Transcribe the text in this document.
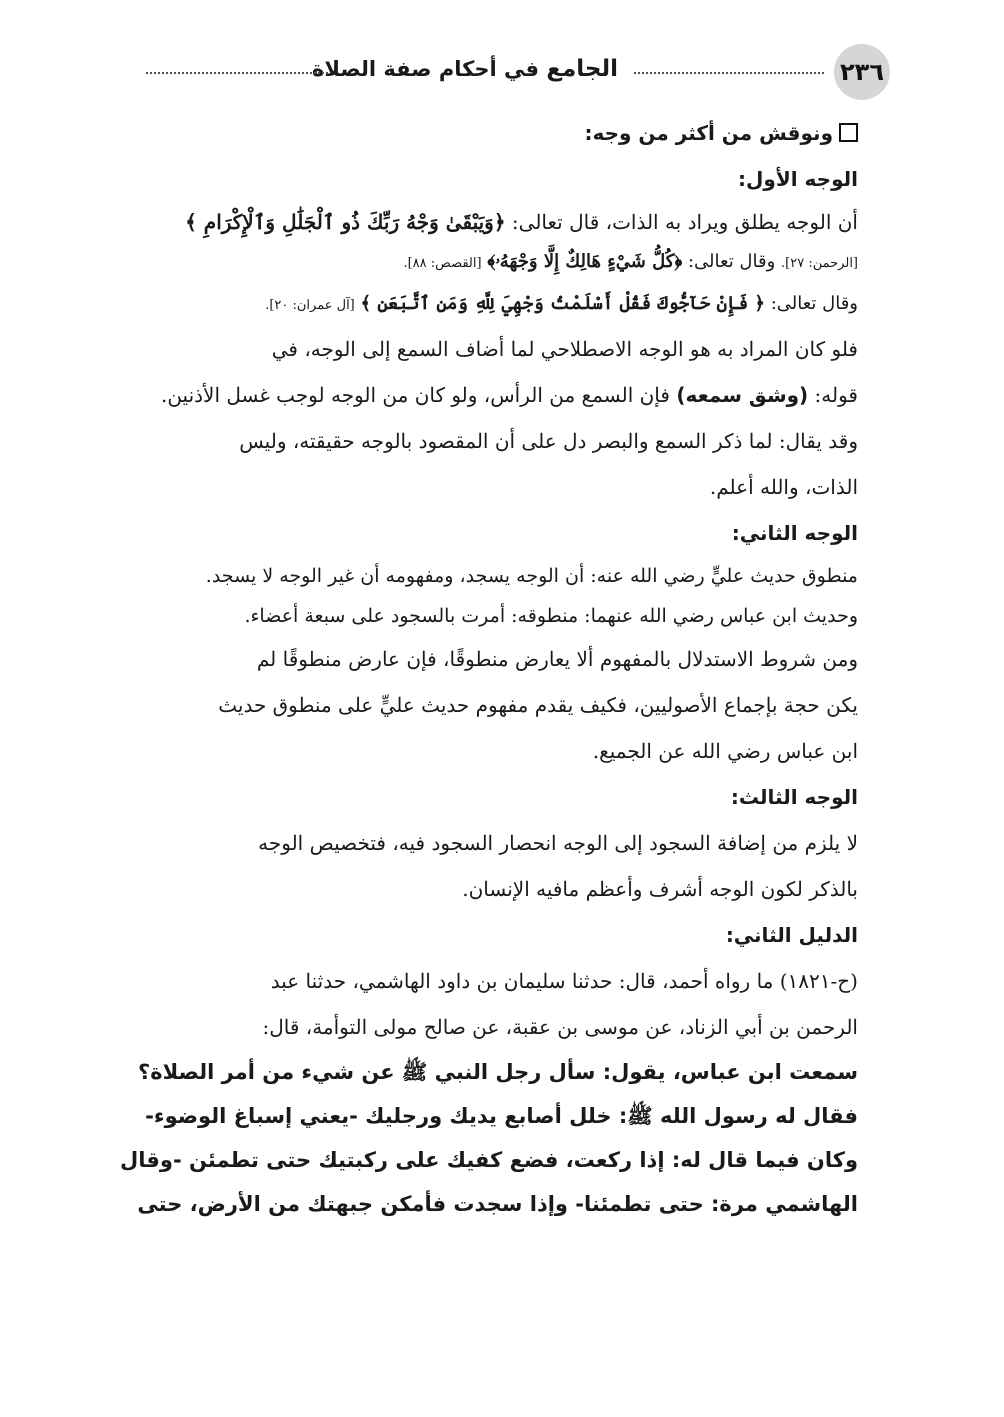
٢٣٦
الجامع في أحكام صفة الصلاة

ونوقش من أكثر من وجه:

الوجه الأول:

أن الوجه يطلق ويراد به الذات، قال تعالى: ﴿وَيَبْقَىٰ وَجْهُ رَبِّكَ ذُو ٱلْجَلَٰلِ وَٱلْإِكْرَامِ ﴾

[الرحمن: ٢٧]. وقال تعالى: ﴿كُلُّ شَيْءٍ هَالِكٌ إِلَّا وَجْهَهُۥ﴾ [القصص: ٨٨].

وقال تعالى: ﴿ فَإِنْ حَآجُّوكَ فَقُلْ أَسْلَمْتُ وَجْهِيَ لِلَّهِ وَمَنِ ٱتَّبَعَنِ ﴾ [آل عمران: ٢٠].

فلو كان المراد به هو الوجه الاصطلاحي لما أضاف السمع إلى الوجه، في

قوله: (وشق سمعه) فإن السمع من الرأس، ولو كان من الوجه لوجب غسل الأذنين.

وقد يقال: لما ذكر السمع والبصر دل على أن المقصود بالوجه حقيقته، وليس

الذات، والله أعلم.

الوجه الثاني:

منطوق حديث عليٍّ رضي الله عنه: أن الوجه يسجد، ومفهومه أن غير الوجه لا يسجد.

وحديث ابن عباس رضي الله عنهما: منطوقه: أمرت بالسجود على سبعة أعضاء.

ومن شروط الاستدلال بالمفهوم ألا يعارض منطوقًا، فإن عارض منطوقًا لم

يكن حجة بإجماع الأصوليين، فكيف يقدم مفهوم حديث عليٍّ على منطوق حديث

ابن عباس رضي الله عن الجميع.

الوجه الثالث:

لا يلزم من إضافة السجود إلى الوجه انحصار السجود فيه، فتخصيص الوجه

بالذكر لكون الوجه أشرف وأعظم مافيه الإنسان.

الدليل الثاني:

(ح-١٨٢١) ما رواه أحمد، قال: حدثنا سليمان بن داود الهاشمي، حدثنا عبد

الرحمن بن أبي الزناد، عن موسى بن عقبة، عن صالح مولى التوأمة، قال:

سمعت ابن عباس، يقول: سأل رجل النبي ﷺ عن شيء من أمر الصلاة؟

فقال له رسول الله ﷺ: خلل أصابع يديك ورجليك -يعني إسباغ الوضوء-

وكان فيما قال له: إذا ركعت، فضع كفيك على ركبتيك حتى تطمئن -وقال

الهاشمي مرة: حتى تطمئنا- وإذا سجدت فأمكن جبهتك من الأرض، حتى
